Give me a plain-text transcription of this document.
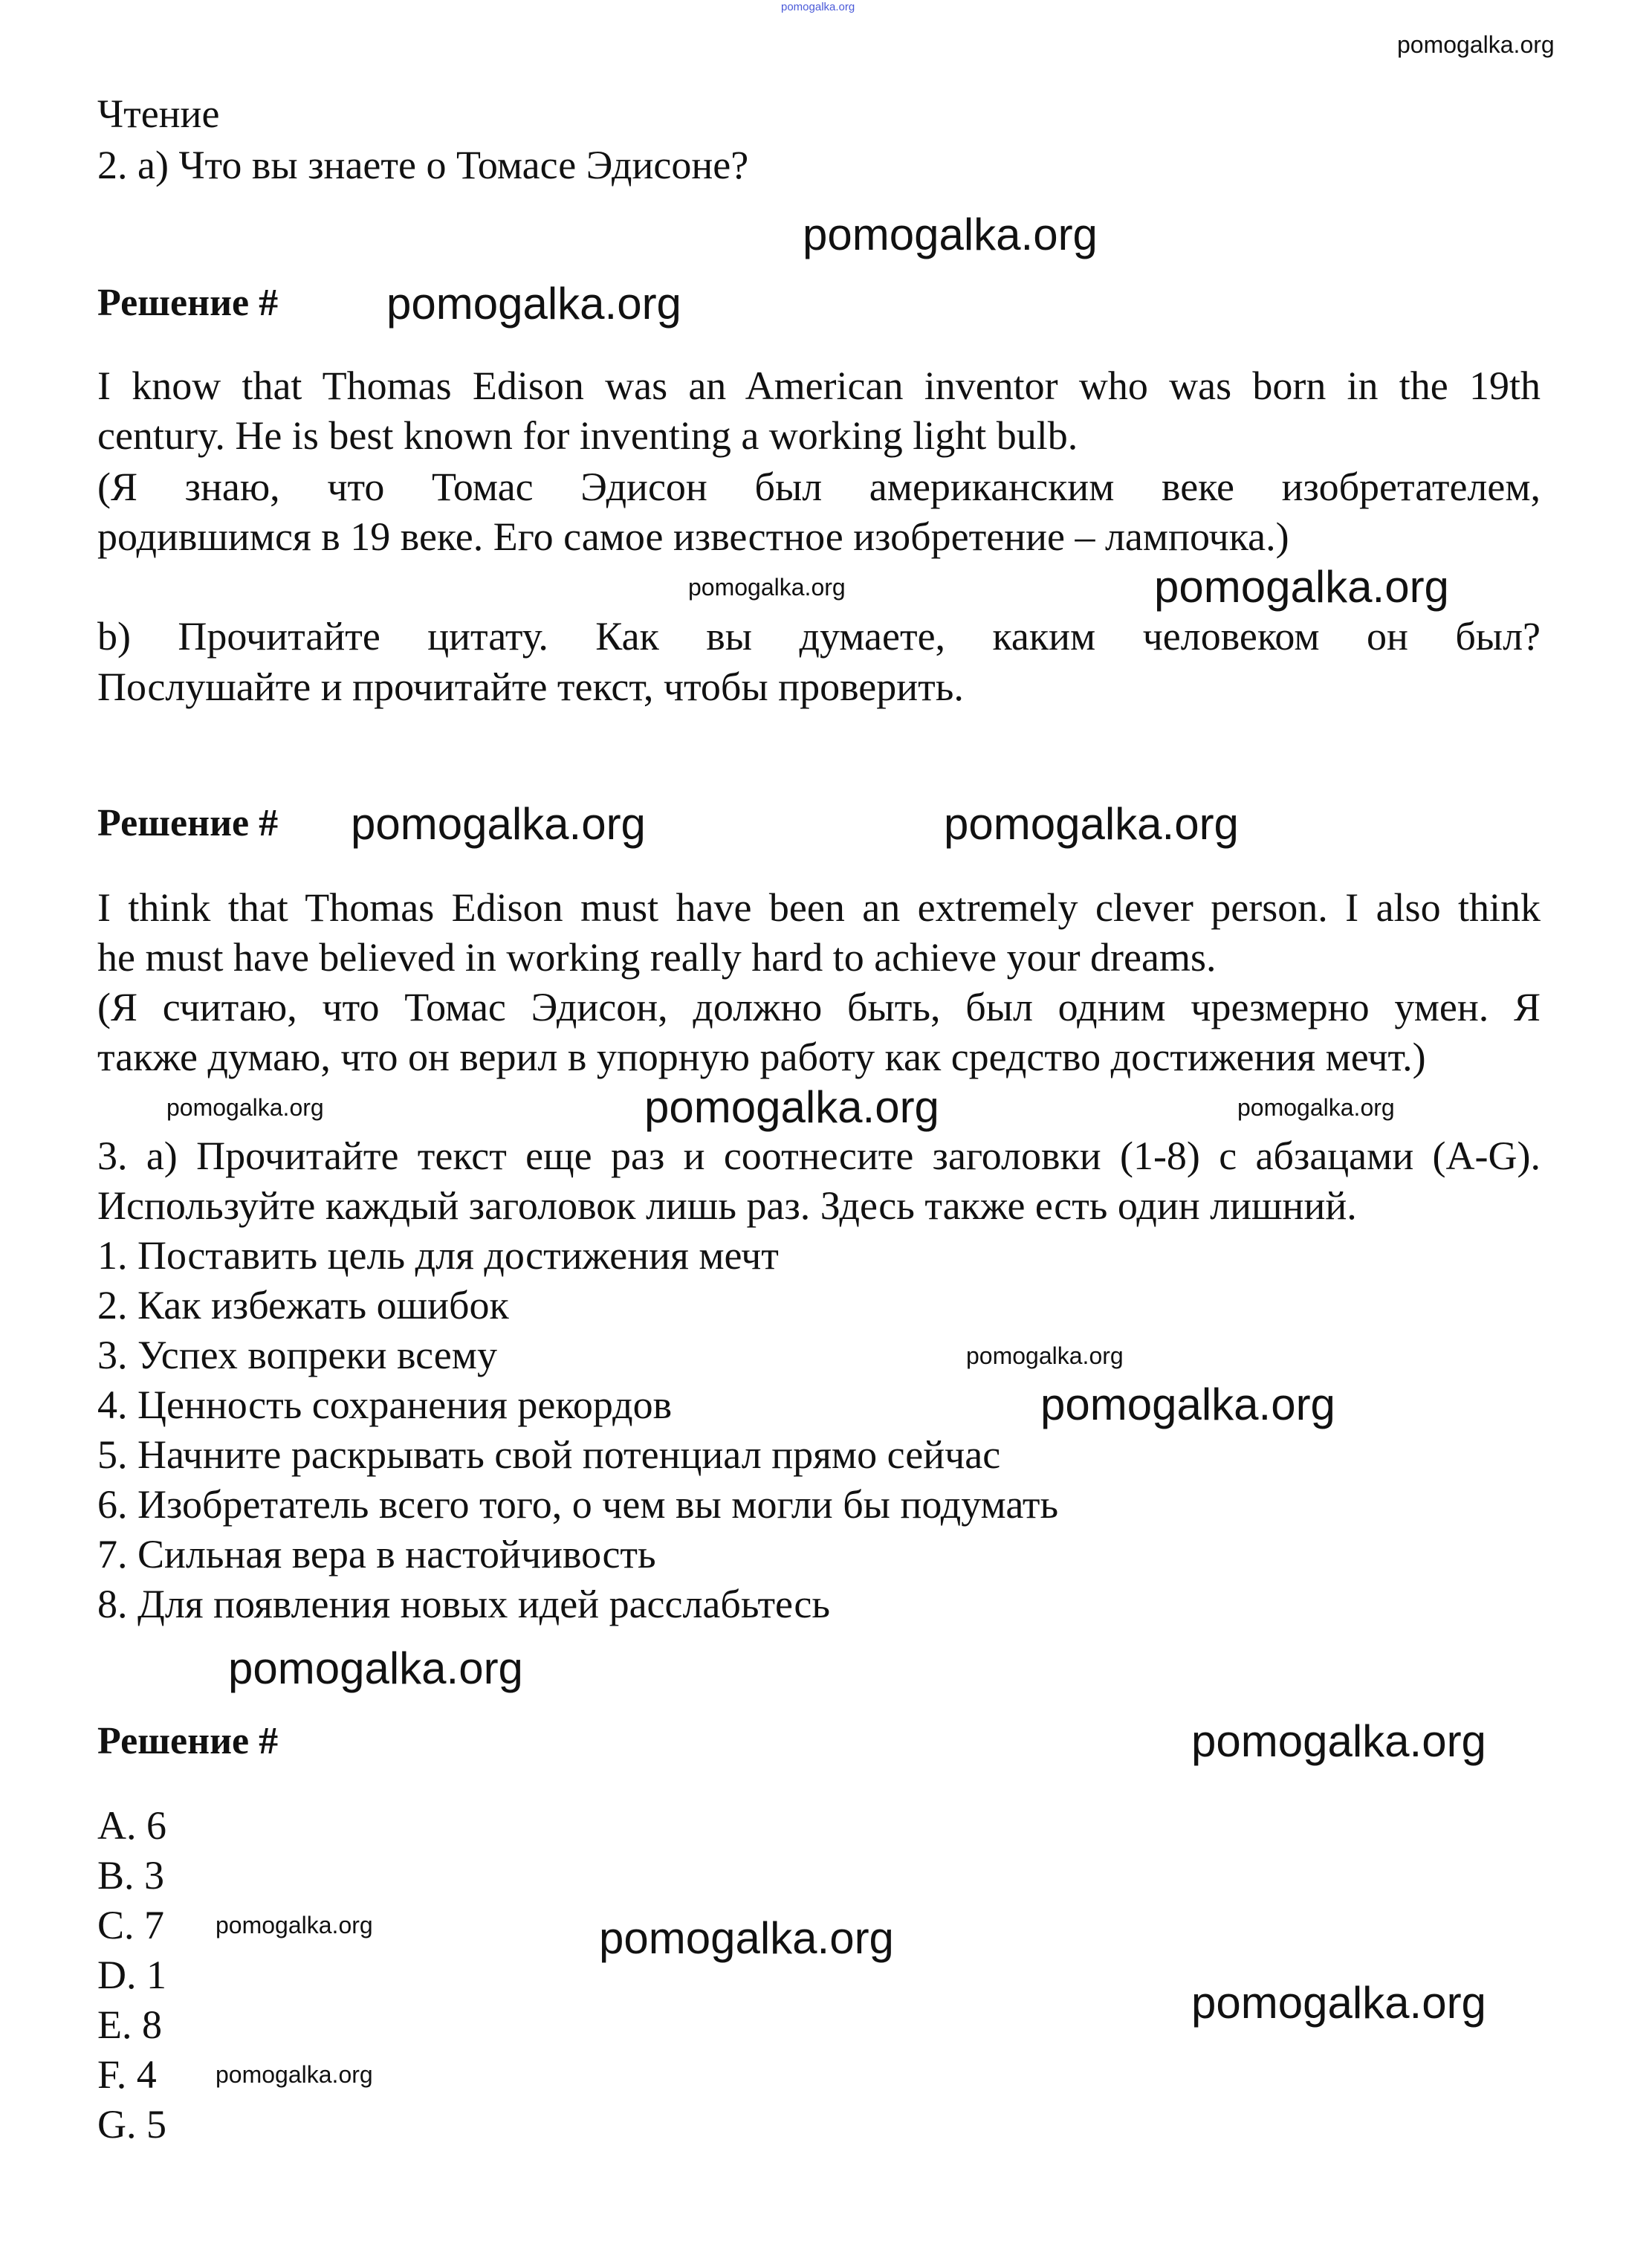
Чтение
2. a) Что вы знаете о Томасе Эдисоне?
Решение #
I know that Thomas Edison was an American inventor who was born in the 19th
century. He is best known for inventing a working light bulb.
(Я знаю, что Томас Эдисон был американским веке изобретателем,
родившимся в 19 веке. Его самое известное изобретение – лампочка.)
b) Прочитайте цитату. Как вы думаете, каким человеком он был?
Послушайте и прочитайте текст, чтобы проверить.
Решение #
I think that Thomas Edison must have been an extremely clever person. I also think
he must have believed in working really hard to achieve your dreams.
(Я считаю, что Томас Эдисон, должно быть, был одним чрезмерно умен. Я
также думаю, что он верил в упорную работу как средство достижения мечт.)
3. a) Прочитайте текст еще раз и соотнесите заголовки (1-8) с абзацами (A-G).
Используйте каждый заголовок лишь раз. Здесь также есть один лишний.
1. Поставить цель для достижения мечт
2. Как избежать ошибок
3. Успех вопреки всему
4. Ценность сохранения рекордов
5. Начните раскрывать свой потенциал прямо сейчас
6. Изобретатель всего того, о чем вы могли бы подумать
7. Сильная вера в настойчивость
8. Для появления новых идей расслабьтесь
Решение #
A. 6
B. 3
C. 7
D. 1
E. 8
F. 4
G. 5
pomogalka.org
pomogalka.org
pomogalka.org
pomogalka.org
pomogalka.org
pomogalka.org
pomogalka.org	pomogalka.org
pomogalka.org	pomogalka.org	pomogalka.org
pomogalka.org
pomogalka.org
pomogalka.org
pomogalka.org
pomogalka.org	pomogalka.org
pomogalka.org
pomogalka.org
